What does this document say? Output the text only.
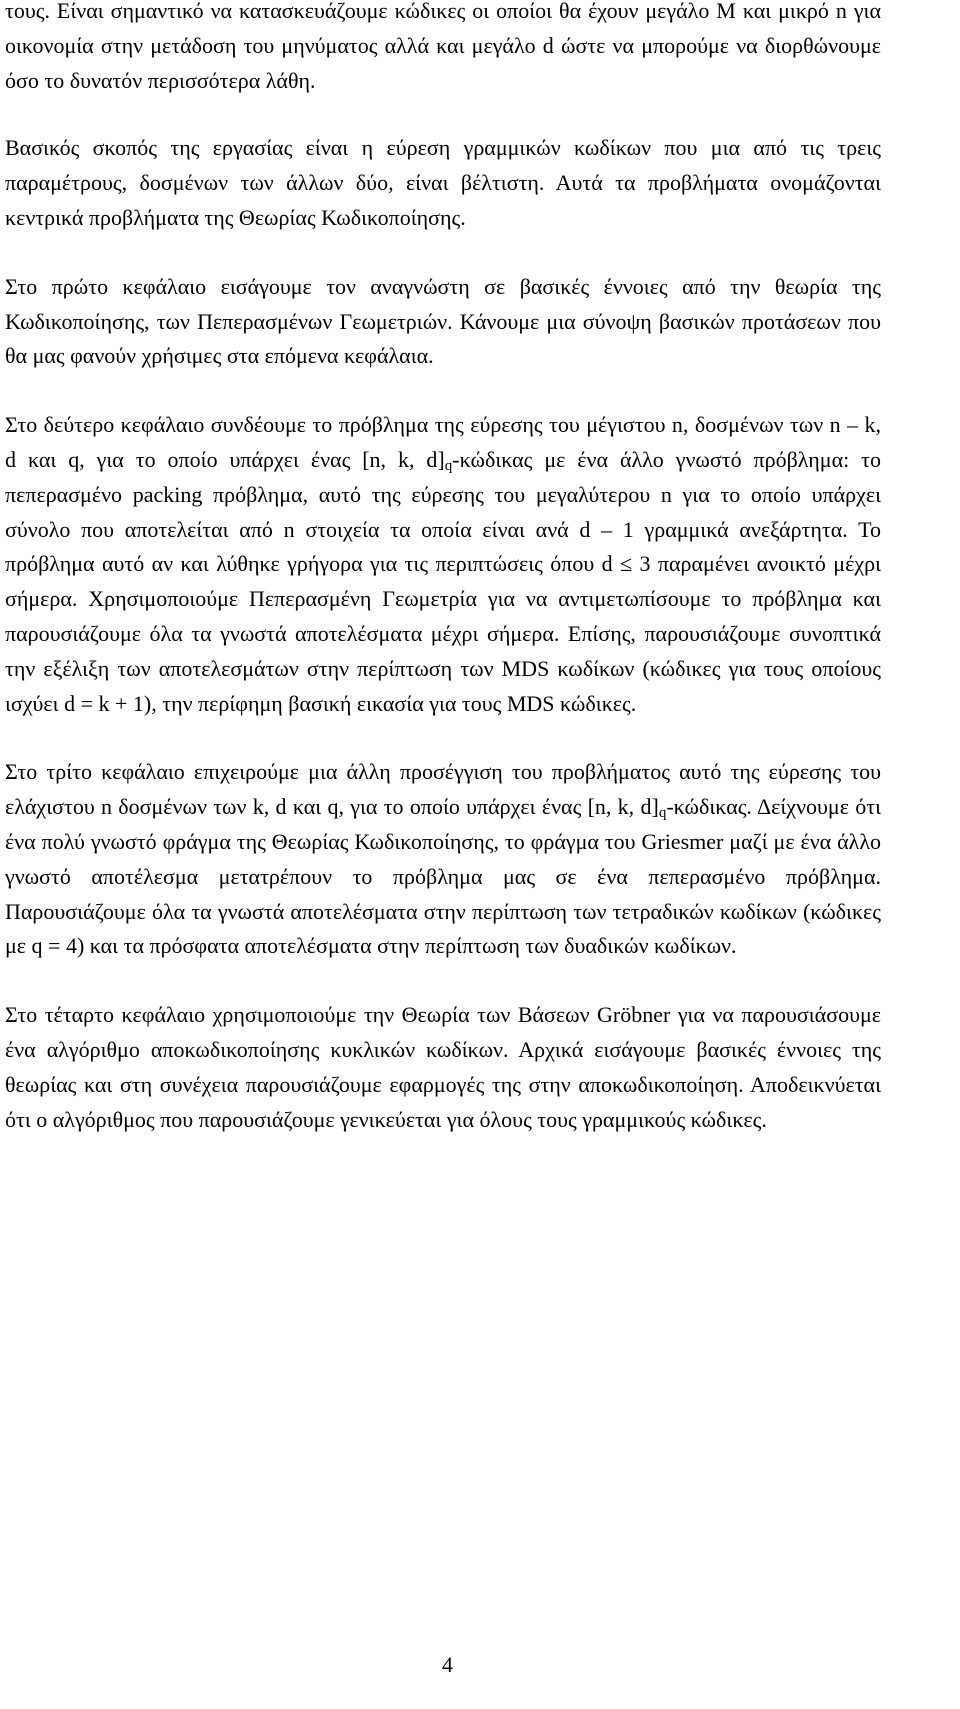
τους. Είναι σημαντικό να κατασκευάζουμε κώδικες οι οποίοι θα έχουν μεγάλο M και μικρό n για οικονομία στην μετάδοση του μηνύματος αλλά και μεγάλο d ώστε να μπορούμε να διορθώνουμε όσο το δυνατόν περισσότερα λάθη.

Βασικός σκοπός της εργασίας είναι η εύρεση γραμμικών κωδίκων που μια από τις τρεις παραμέτρους, δοσμένων των άλλων δύο, είναι βέλτιστη. Αυτά τα προβλήματα ονομάζονται κεντρικά προβλήματα της Θεωρίας Κωδικοποίησης.

Στο πρώτο κεφάλαιο εισάγουμε τον αναγνώστη σε βασικές έννοιες από την θεωρία της Κωδικοποίησης, των Πεπερασμένων Γεωμετριών. Κάνουμε μια σύνοψη βασικών προτάσεων που θα μας φανούν χρήσιμες στα επόμενα κεφάλαια.

Στο δεύτερο κεφάλαιο συνδέουμε το πρόβλημα της εύρεσης του μέγιστου n, δοσμένων των n – k, d και q, για το οποίο υπάρχει ένας [n, k, $d]_q$-κώδικας με ένα άλλο γνωστό πρόβλημα: το πεπερασμένο packing πρόβλημα, αυτό της εύρεσης του μεγαλύτερου n για το οποίο υπάρχει σύνολο που αποτελείται από n στοιχεία τα οποία είναι ανά d – 1 γραμμικά ανεξάρτητα. Το πρόβλημα αυτό αν και λύθηκε γρήγορα για τις περιπτώσεις όπου d ≤ 3 παραμένει ανοικτό μέχρι σήμερα. Χρησιμοποιούμε Πεπερασμένη Γεωμετρία για να αντιμετωπίσουμε το πρόβλημα και παρουσιάζουμε όλα τα γνωστά αποτελέσματα μέχρι σήμερα. Επίσης, παρουσιάζουμε συνοπτικά την εξέλιξη των αποτελεσμάτων στην περίπτωση των MDS κωδίκων (κώδικες για τους οποίους ισχύει d = k + 1), την περίφημη βασική εικασία για τους MDS κώδικες.

Στο τρίτο κεφάλαιο επιχειρούμε μια άλλη προσέγγιση του προβλήματος αυτό της εύρεσης του ελάχιστου n δοσμένων των k, d και q, για το οποίο υπάρχει ένας [n, k, $d]_q$-κώδικας. Δείχνουμε ότι ένα πολύ γνωστό φράγμα της Θεωρίας Κωδικοποίησης, το φράγμα του Griesmer μαζί με ένα άλλο γνωστό αποτέλεσμα μετατρέπουν το πρόβλημα μας σε ένα πεπερασμένο πρόβλημα. Παρουσιάζουμε όλα τα γνωστά αποτελέσματα στην περίπτωση των τετραδικών κωδίκων (κώδικες με q = 4) και τα πρόσφατα αποτελέσματα στην περίπτωση των δυαδικών κωδίκων.

Στο τέταρτο κεφάλαιο χρησιμοποιούμε την Θεωρία των Βάσεων Gröbner για να παρουσιάσουμε ένα αλγόριθμο αποκωδικοποίησης κυκλικών κωδίκων. Αρχικά εισάγουμε βασικές έννοιες της θεωρίας και στη συνέχεια παρουσιάζουμε εφαρμογές της στην αποκωδικοποίηση. Αποδεικνύεται ότι ο αλγόριθμος που παρουσιάζουμε γενικεύεται για όλους τους γραμμικούς κώδικες.

4
